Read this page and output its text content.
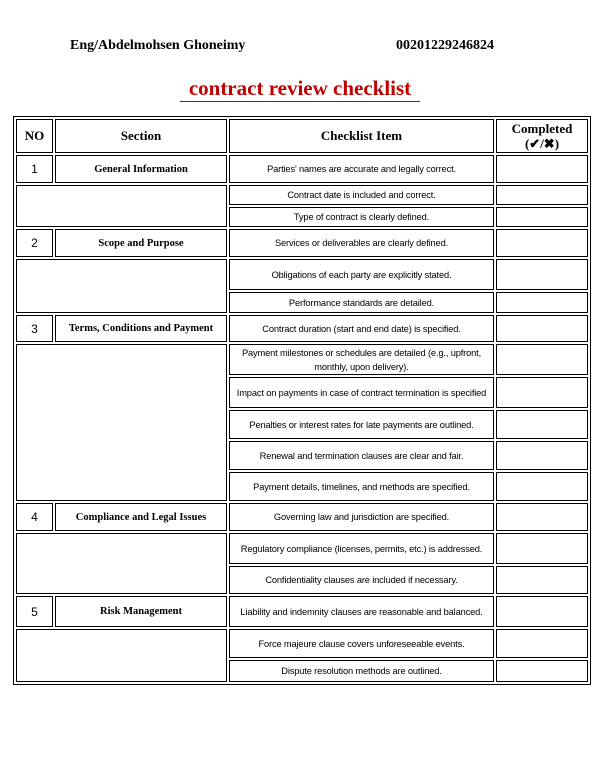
Eng/Abdelmohsen Ghoneimy	00201229246824
contract review checklist
NO	Section	Checklist Item	Completed
(✔/✖)

1	General Information	Parties' names are accurate and legally correct.	
		Contract date is included and correct.	
		Type of contract is clearly defined.	
2	Scope and Purpose	Services or deliverables are clearly defined.	
		Obligations of each party are explicitly stated.	
		Performance standards are detailed.	
3	Terms, Conditions and Payment	Contract duration (start and end date) is specified.	
		Payment milestones or schedules are detailed (e.g., upfront, monthly, upon delivery).	
		Impact on payments in case of contract termination is specified	
		Penalties or interest rates for late payments are outlined.	
		Renewal and termination clauses are clear and fair.	
		Payment details, timelines, and methods are specified.	
4	Compliance and Legal Issues	Governing law and jurisdiction are specified.	
		Regulatory compliance (licenses, permits, etc.) is addressed.	
		Confidentiality clauses are included if necessary.	
5	Risk Management	Liability and indemnity clauses are reasonable and balanced.	
		Force majeure clause covers unforeseeable events.	
		Dispute resolution methods are outlined.	
